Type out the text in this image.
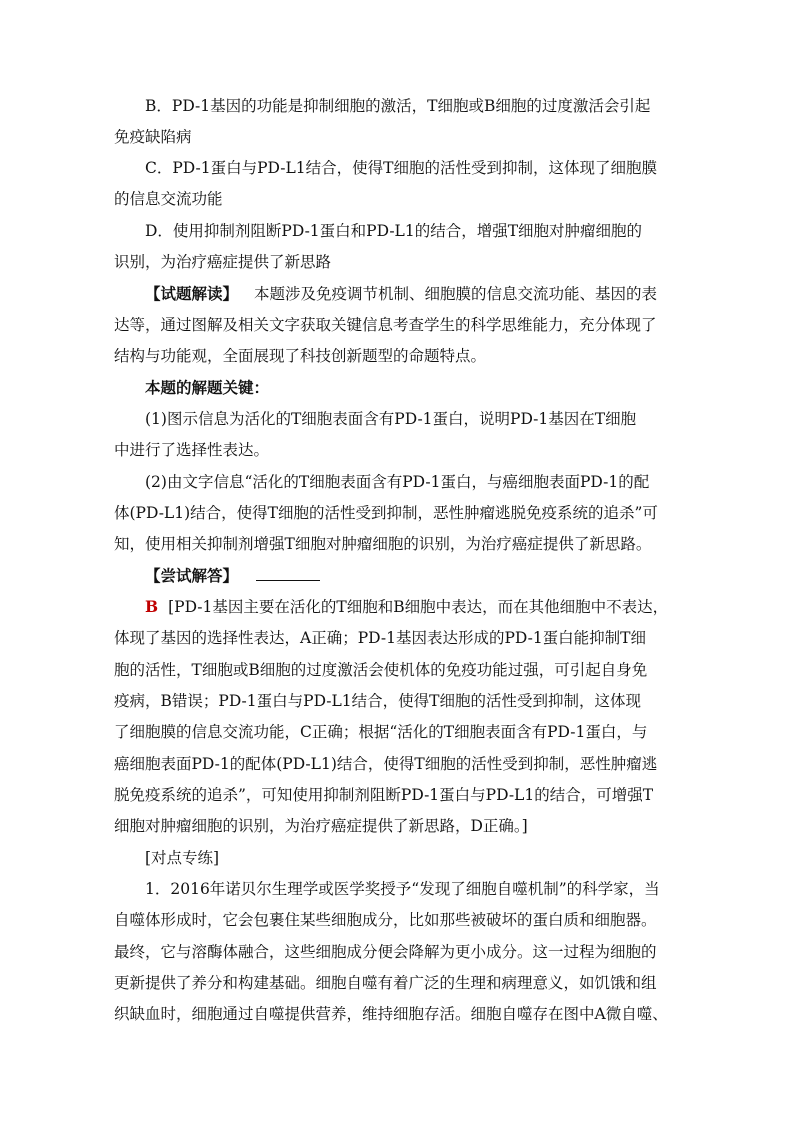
B．PD-1基因的功能是抑制细胞的激活，T细胞或B细胞的过度激活会引起
免疫缺陷病
C．PD-1蛋白与PD-L1结合，使得T细胞的活性受到抑制，这体现了细胞膜
的信息交流功能
D．使用抑制剂阻断PD-1蛋白和PD-L1的结合，增强T细胞对肿瘤细胞的
识别，为治疗癌症提供了新思路
【试题解读】 本题涉及免疫调节机制、细胞膜的信息交流功能、基因的表
达等，通过图解及相关文字获取关键信息考查学生的科学思维能力，充分体现了
结构与功能观，全面展现了科技创新题型的命题特点。
本题的解题关键：
(1)图示信息为活化的T细胞表面含有PD-1蛋白，说明PD-1基因在T细胞
中进行了选择性表达。
(2)由文字信息“活化的T细胞表面含有PD-1蛋白，与癌细胞表面PD-1的配
体(PD-L1)结合，使得T细胞的活性受到抑制，恶性肿瘤逃脱免疫系统的追杀”可
知，使用相关抑制剂增强T细胞对肿瘤细胞的识别，为治疗癌症提供了新思路。
【尝试解答】
B [PD-1基因主要在活化的T细胞和B细胞中表达，而在其他细胞中不表达，
体现了基因的选择性表达，A正确；PD-1基因表达形成的PD-1蛋白能抑制T细
胞的活性，T细胞或B细胞的过度激活会使机体的免疫功能过强，可引起自身免
疫病，B错误；PD-1蛋白与PD-L1结合，使得T细胞的活性受到抑制，这体现
了细胞膜的信息交流功能，C正确；根据“活化的T细胞表面含有PD-1蛋白，与
癌细胞表面PD-1的配体(PD-L1)结合，使得T细胞的活性受到抑制，恶性肿瘤逃
脱免疫系统的追杀”，可知使用抑制剂阻断PD-1蛋白与PD-L1的结合，可增强T
细胞对肿瘤细胞的识别，为治疗癌症提供了新思路，D正确。]
[对点专练]
1．2016年诺贝尔生理学或医学奖授予“发现了细胞自噬机制”的科学家，当
自噬体形成时，它会包裹住某些细胞成分，比如那些被破坏的蛋白质和细胞器。
最终，它与溶酶体融合，这些细胞成分便会降解为更小成分。这一过程为细胞的
更新提供了养分和构建基础。细胞自噬有着广泛的生理和病理意义，如饥饿和组
织缺血时，细胞通过自噬提供营养，维持细胞存活。细胞自噬存在图中A微自噬、
